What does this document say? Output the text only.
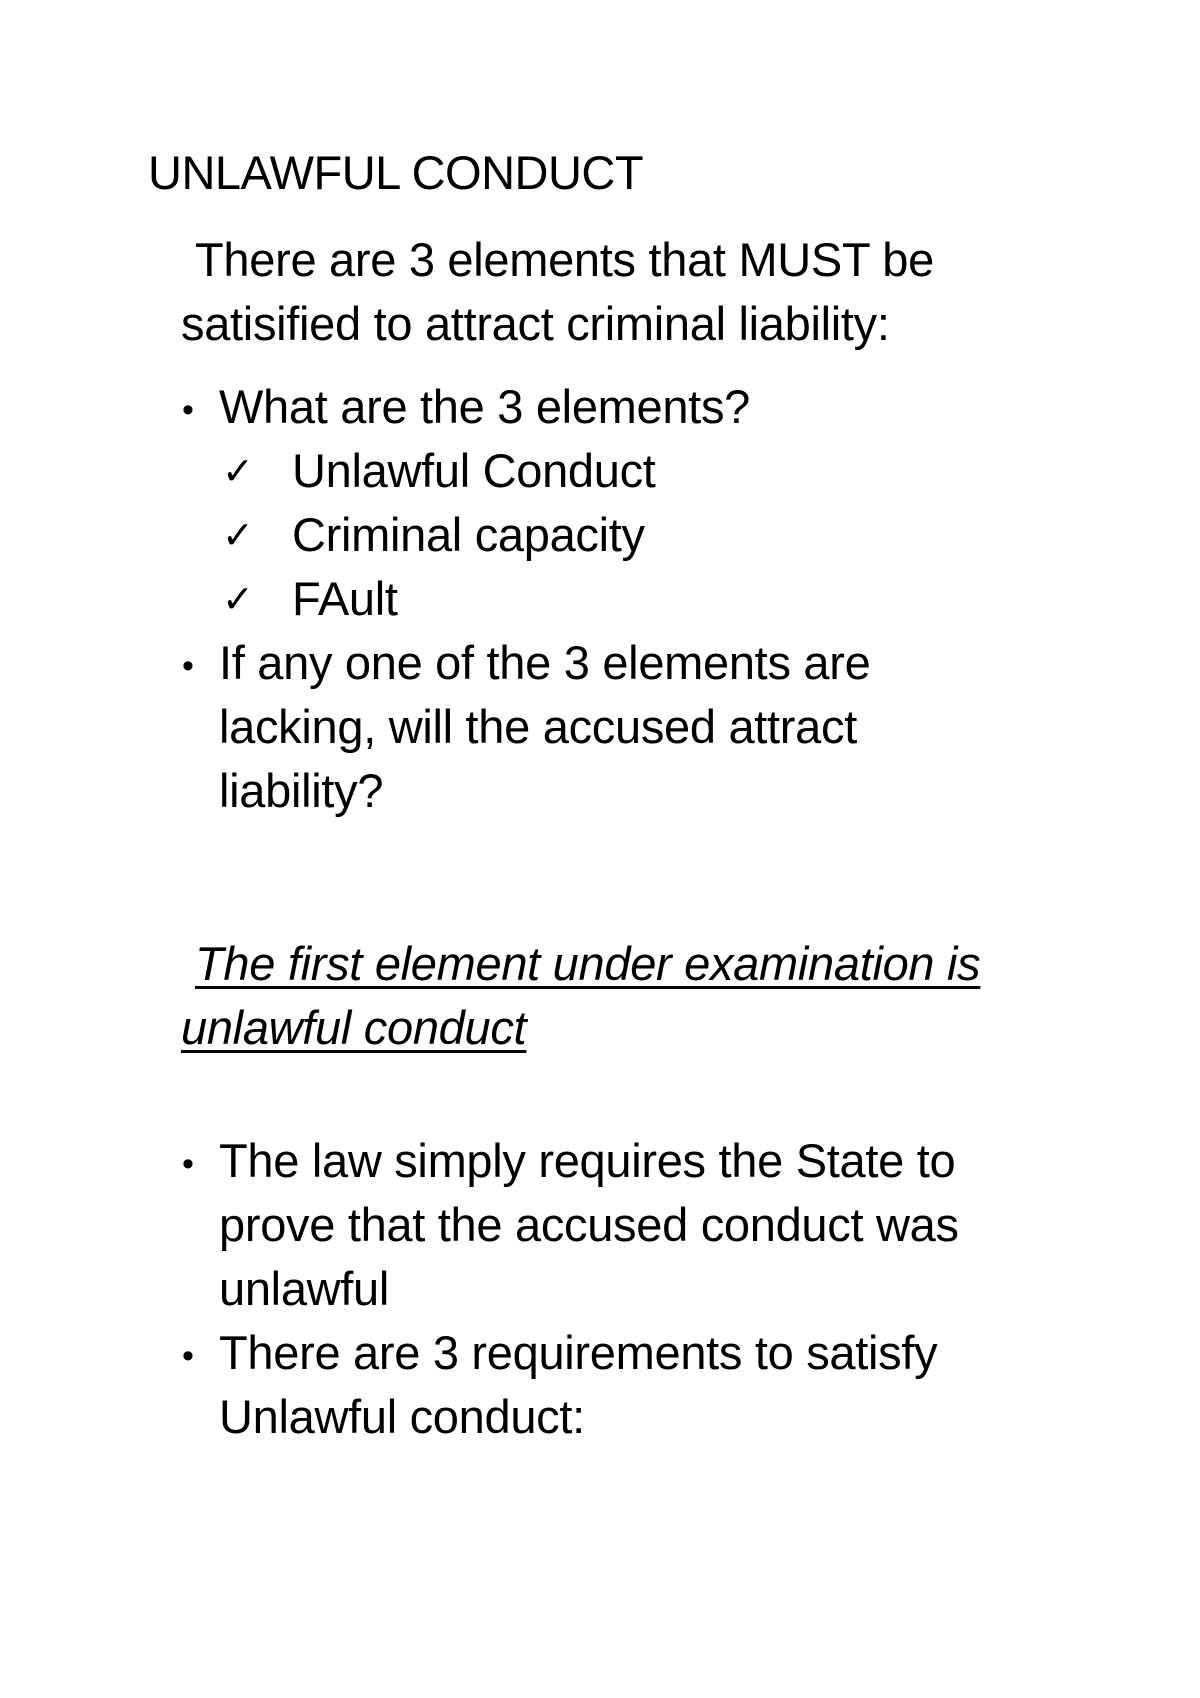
UNLAWFUL CONDUCT
There are 3 elements that MUST be
satisified to attract criminal liability:
• What are the 3 elements?
✓ Unlawful Conduct
✓ Criminal capacity
✓ FAult
• If any one of the 3 elements are
lacking, will the accused attract
liability?
The first element under examination is
unlawful conduct
• The law simply requires the State to
prove that the accused conduct was
unlawful
• There are 3 requirements to satisfy
Unlawful conduct:
